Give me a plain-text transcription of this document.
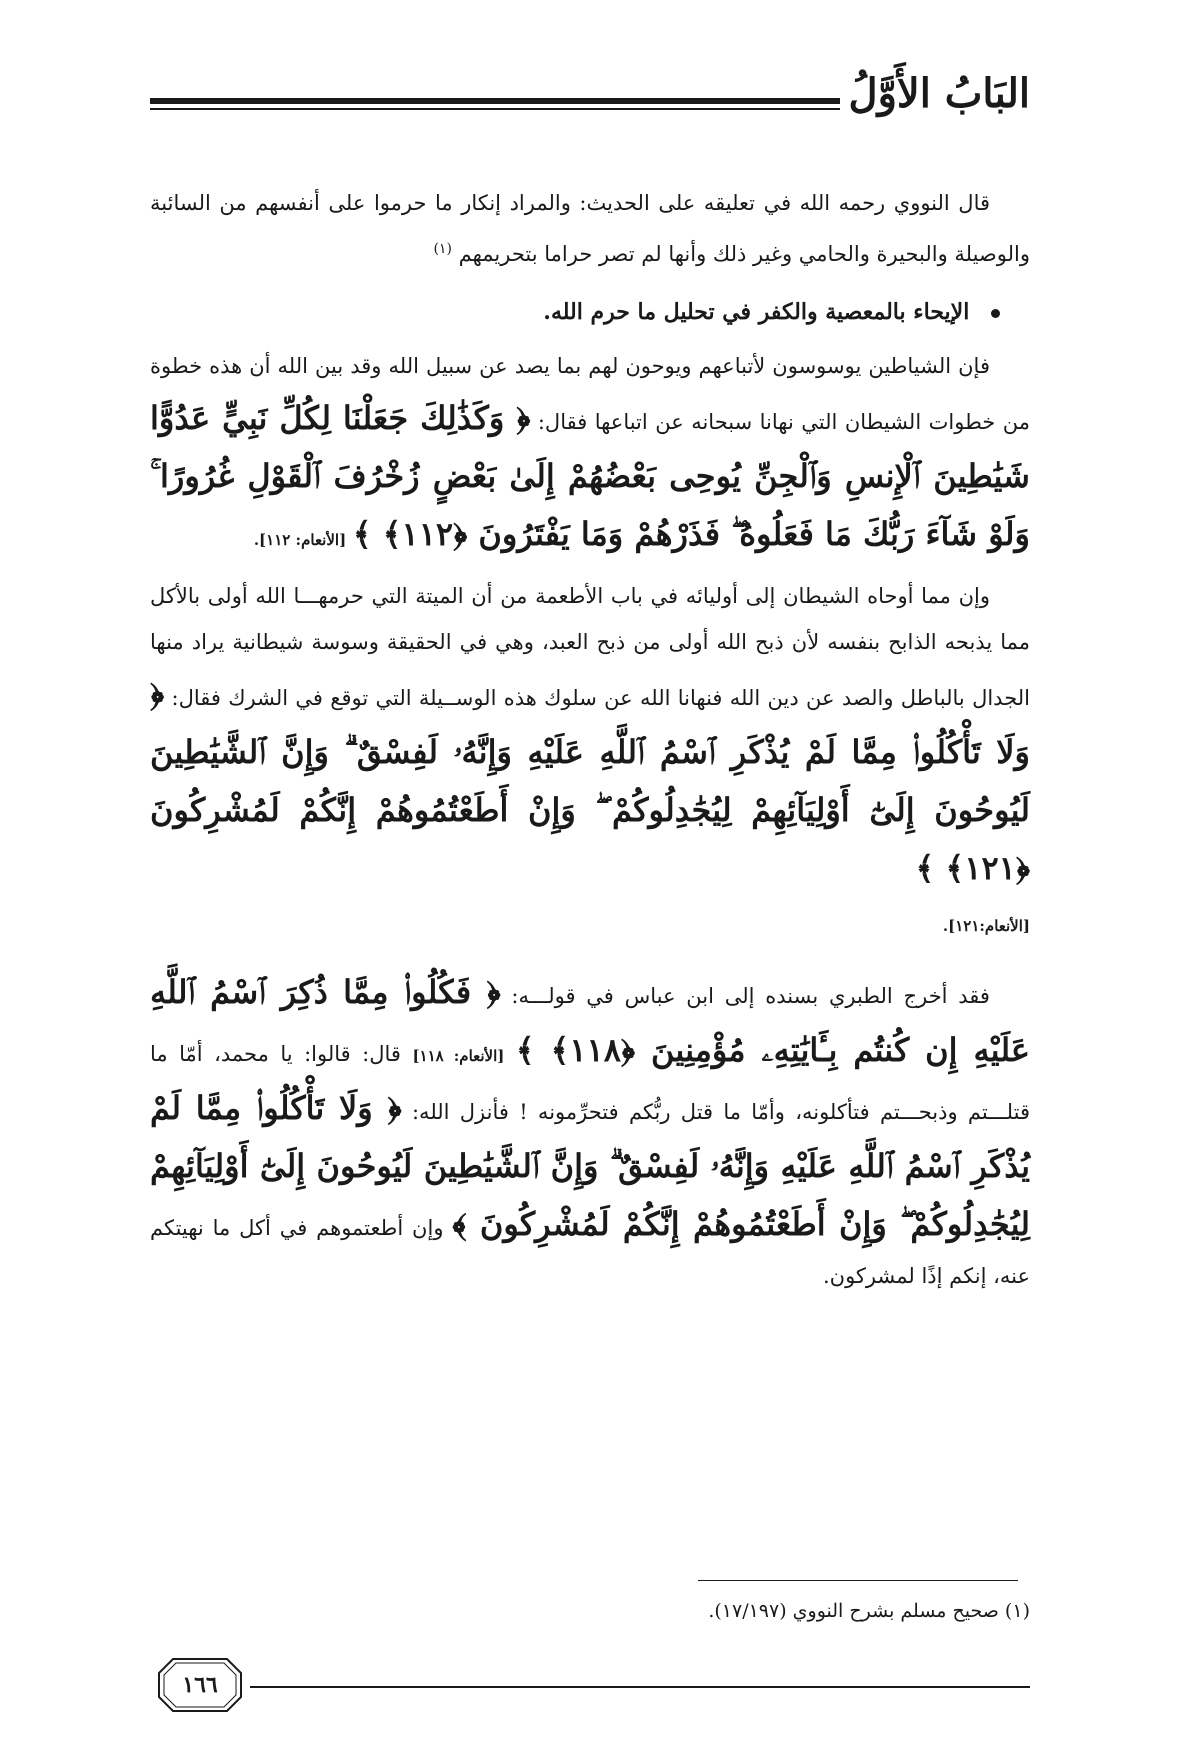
البَابُ الأَوَّلُ

قال النووي رحمه الله في تعليقه على الحديث: والمراد إنكار ما حرموا على أنفسهم من السائبة والوصيلة والبحيرة والحامي وغير ذلك وأنها لم تصر حراما بتحريمهم $^{(١)}$

الإيحاء بالمعصية والكفر في تحليل ما حرم الله.

فإن الشياطين يوسوسون لأتباعهم ويوحون لهم بما يصد عن سبيل الله وقد بين الله أن هذه خطوة من خطوات الشيطان التي نهانا سبحانه عن اتباعها فقال: ﴿ وَكَذَٰلِكَ جَعَلْنَا لِكُلِّ نَبِيٍّ عَدُوًّا شَيَٰطِينَ ٱلْإِنسِ وَٱلْجِنِّ يُوحِى بَعْضُهُمْ إِلَىٰ بَعْضٍ زُخْرُفَ ٱلْقَوْلِ غُرُورًا ۚ وَلَوْ شَآءَ رَبُّكَ مَا فَعَلُوهُ ۖ فَذَرْهُمْ وَمَا يَفْتَرُونَ ﴿١١٢﴾ ﴾ [الأنعام: ١١٢].

وإن مما أوحاه الشيطان إلى أوليائه في باب الأطعمة من أن الميتة التي حرمهـــا الله أولى بالأكل مما يذبحه الذابح بنفسه لأن ذبح الله أولى من ذبح العبد، وهي في الحقيقة وسوسة شيطانية يراد منها الجدال بالباطل والصد عن دين الله فنهانا الله عن سلوك هذه الوســيلة التي توقع في الشرك فقال: ﴿ وَلَا تَأْكُلُوا۟ مِمَّا لَمْ يُذْكَرِ ٱسْمُ ٱللَّهِ عَلَيْهِ وَإِنَّهُۥ لَفِسْقٌ ۗ وَإِنَّ ٱلشَّيَٰطِينَ لَيُوحُونَ إِلَىٰٓ أَوْلِيَآئِهِمْ لِيُجَٰدِلُوكُمْ ۖ وَإِنْ أَطَعْتُمُوهُمْ إِنَّكُمْ لَمُشْرِكُونَ ﴿١٢١﴾ ﴾

[الأنعام:١٢١].

فقد أخرج الطبري بسنده إلى ابن عباس في قولـــه: ﴿ فَكُلُوا۟ مِمَّا ذُكِرَ ٱسْمُ ٱللَّهِ عَلَيْهِ إِن كُنتُم بِـَٔايَٰتِهِۦ مُؤْمِنِينَ ﴿١١٨﴾ ﴾ [الأنعام: ١١٨] قال: قالوا: يا محمد، أمّا ما قتلـــتم وذبحـــتم فتأكلونه، وأمّا ما قتل ربُّكم فتحرِّمونه ! فأنزل الله: ﴿ وَلَا تَأْكُلُوا۟ مِمَّا لَمْ يُذْكَرِ ٱسْمُ ٱللَّهِ عَلَيْهِ وَإِنَّهُۥ لَفِسْقٌ ۗ وَإِنَّ ٱلشَّيَٰطِينَ لَيُوحُونَ إِلَىٰٓ أَوْلِيَآئِهِمْ لِيُجَٰدِلُوكُمْ ۖ وَإِنْ أَطَعْتُمُوهُمْ إِنَّكُمْ لَمُشْرِكُونَ ﴾ وإن أطعتموهم في أكل ما نهيتكم عنه، إنكم إذًا لمشركون.

(١) صحيح مسلم بشرح النووي (١٧/١٩٧).
١٦٦
